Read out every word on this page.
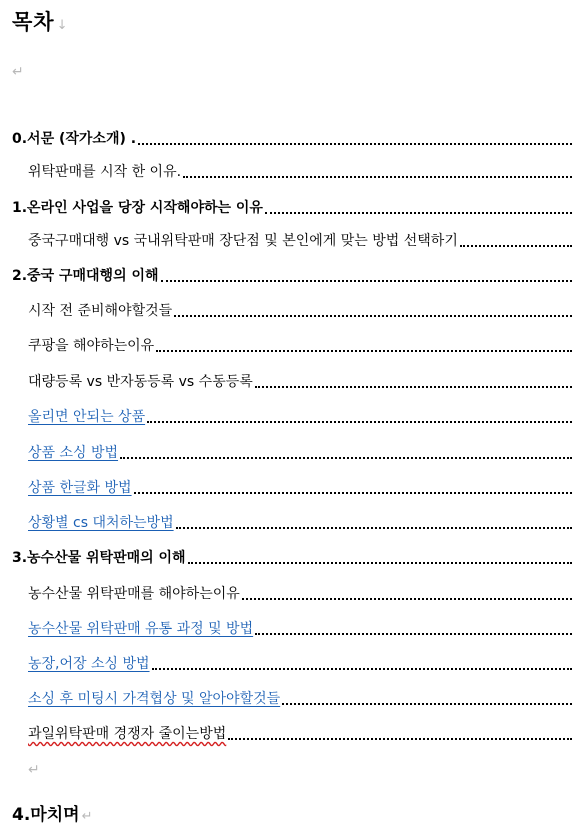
목차 ↓
↵
0.서문 (작가소개) .
위탁판매를 시작 한 이유.
1.온라인 사업을 당장 시작해야하는 이유
중국구매대행 vs 국내위탁판매 장단점 및 본인에게 맞는 방법 선택하기
2.중국 구매대행의 이해
시작 전 준비해야할것들
쿠팡을 해야하는이유
대량등록 vs 반자동등록 vs 수동등록
올리면 안되는 상품
상품 소싱 방법
상품 한글화 방법
상황별 cs 대처하는방법
3.농수산물 위탁판매의 이해
농수산물 위탁판매를 해야하는이유
농수산물 위탁판매 유통 과정 및 방법
농장,어장 소싱 방법
소싱 후 미팅시 가격협상 및 알아야할것들
과일위탁판매 경쟁자 줄이는방법
↵
4.마치며 ↵
